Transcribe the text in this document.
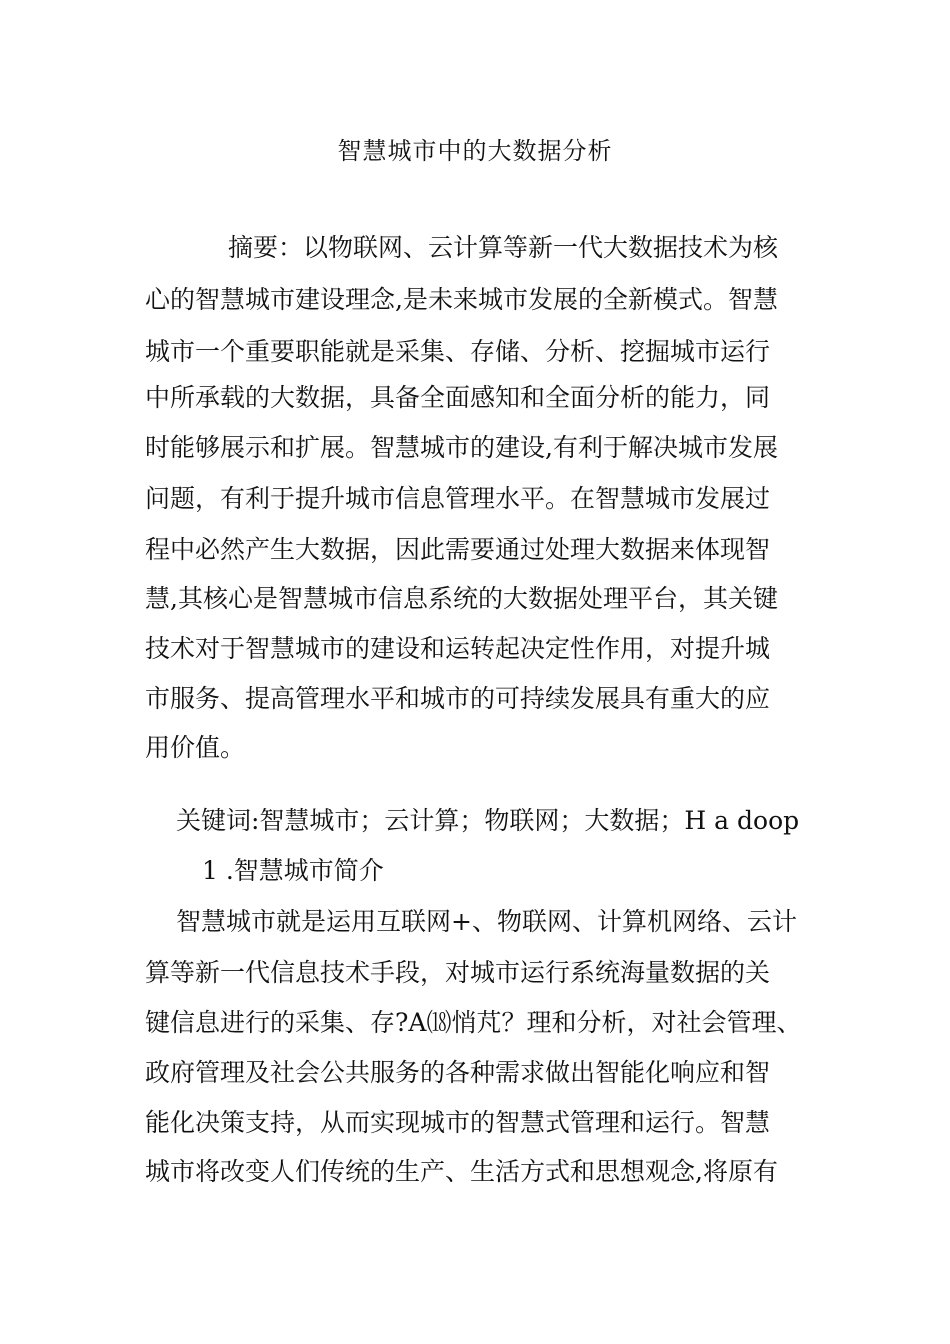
智慧城市中的大数据分析
摘要：以物联网、云计算等新一代大数据技术为核
心的智慧城市建设理念,是未来城市发展的全新模式。智慧
城市一个重要职能就是采集、存储、分析、挖掘城市运行
中所承载的大数据，具备全面感知和全面分析的能力，同
时能够展示和扩展。智慧城市的建设,有利于解决城市发展
问题，有利于提升城市信息管理水平。在智慧城市发展过
程中必然产生大数据，因此需要通过处理大数据来体现智
慧,其核心是智慧城市信息系统的大数据处理平台，其关键
技术对于智慧城市的建设和运转起决定性作用，对提升城
市服务、提高管理水平和城市的可持续发展具有重大的应
用价值。
关键词:智慧城市；云计算；物联网；大数据；H a doop
1 .智慧城市简介
智慧城市就是运用互联网+、物联网、计算机网络、云计
算等新一代信息技术手段，对城市运行系统海量数据的关
键信息进行的采集、存?A⒅悄芃？理和分析，对社会管理、
政府管理及社会公共服务的各种需求做出智能化响应和智
能化决策支持，从而实现城市的智慧式管理和运行。智慧
城市将改变人们传统的生产、生活方式和思想观念,将原有
